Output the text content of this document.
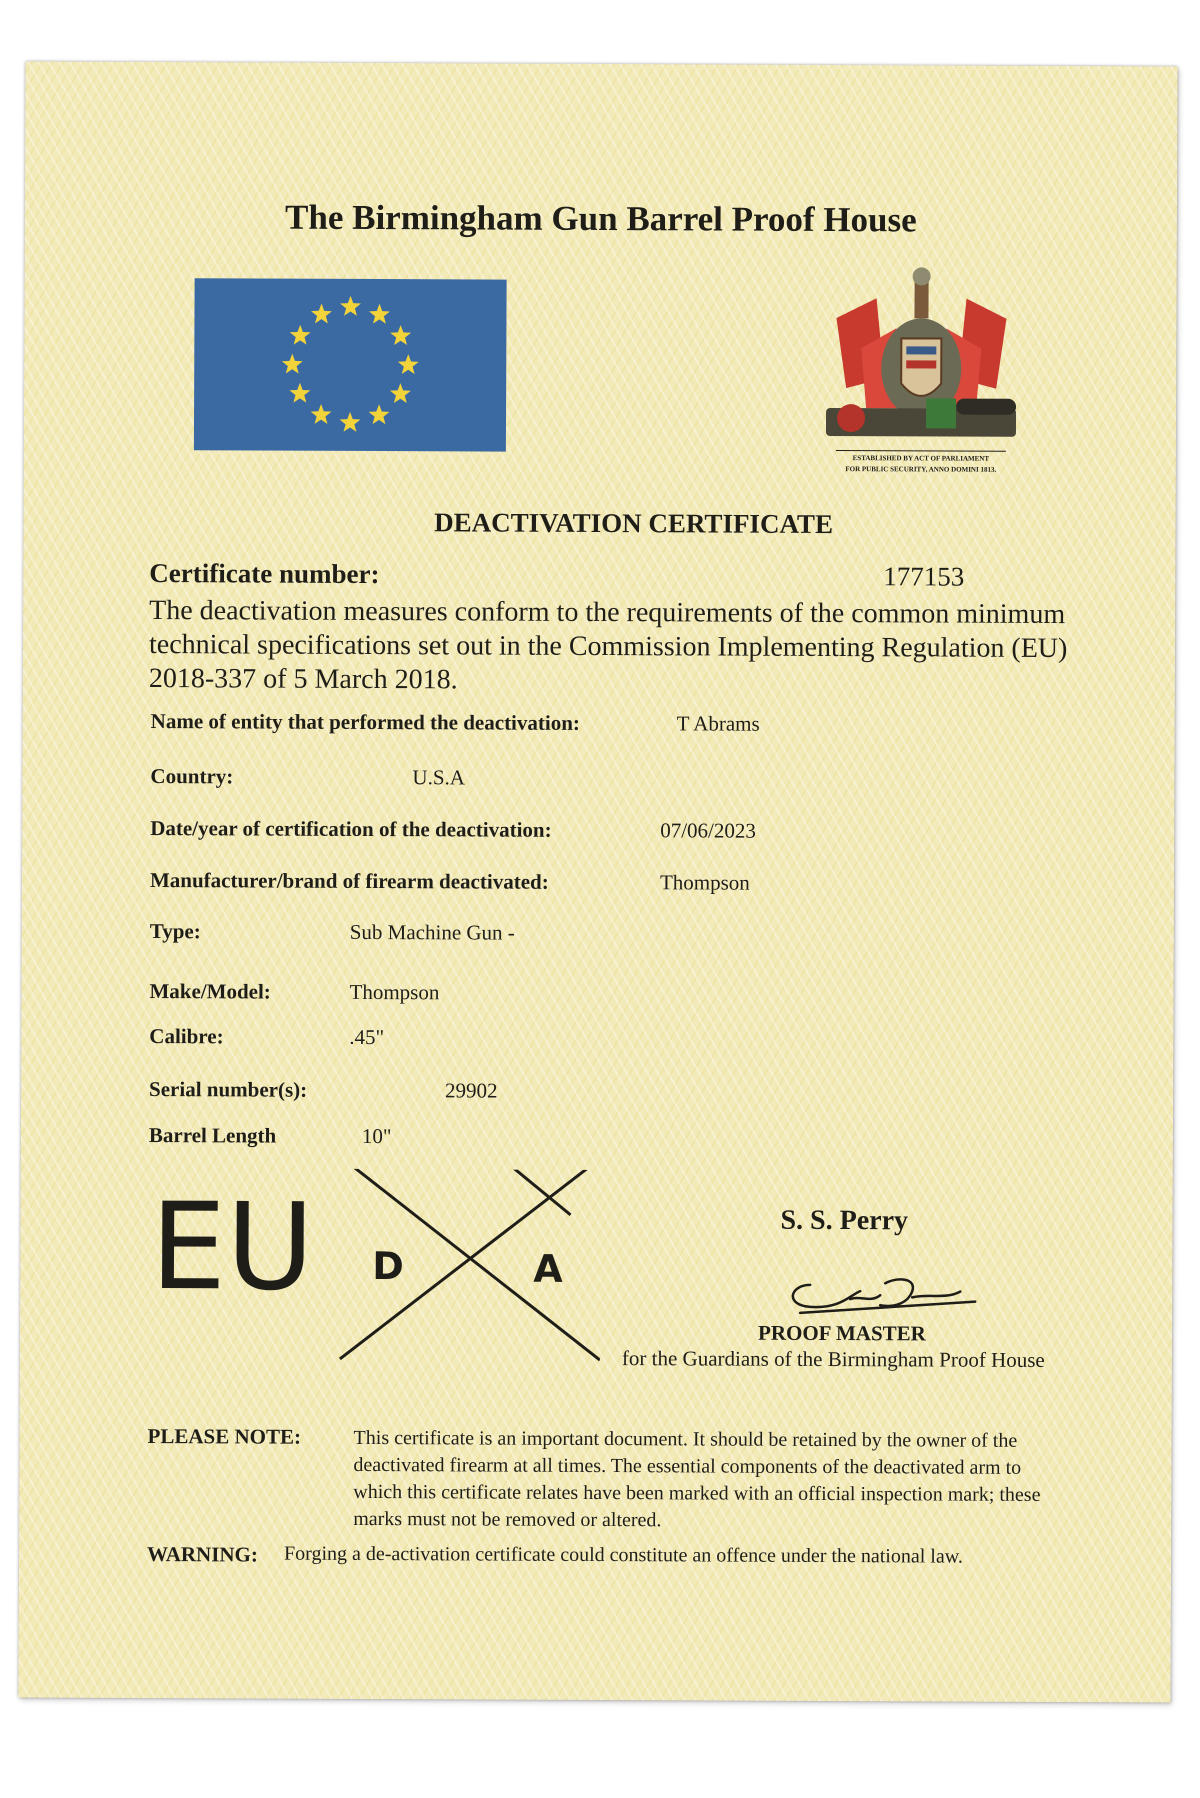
The Birmingham Gun Barrel Proof House
ESTABLISHED BY ACT OF PARLIAMENT
FOR PUBLIC SECURITY, ANNO DOMINI 1813.
DEACTIVATION CERTIFICATE
Certificate number:	177153
The deactivation measures conform to the requirements of the common minimum technical specifications set out in the Commission Implementing Regulation (EU) 2018-337 of 5 March 2018.
Name of entity that performed the deactivation:	T Abrams
Country:	U.S.A
Date/year of certification of the deactivation:	07/06/2023
Manufacturer/brand of firearm deactivated:	Thompson
Type:	Sub Machine Gun -
Make/Model:	Thompson
Calibre:	.45"
Serial number(s):	29902
Barrel Length	10"
EU D	A
S. S. Perry
PROOF MASTER
for the Guardians of the Birmingham Proof House
PLEASE NOTE:	This certificate is an important document. It should be retained by the owner of the deactivated firearm at all times. The essential components of the deactivated arm to which this certificate relates have been marked with an official inspection mark; these marks must not be removed or altered.
WARNING: Forging a de-activation certificate could constitute an offence under the national law.
